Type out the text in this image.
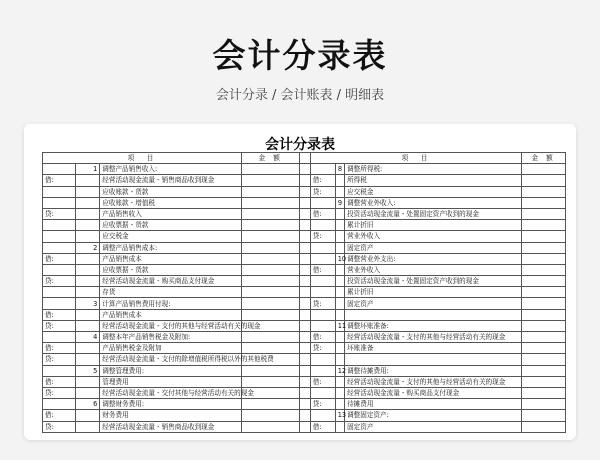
会计分录表
会计分录 / 会计账表 / 明细表
会计分录表
项　目			金 额		项　目			金 额
	1	调整产品销售收入:				8	调整所得税:	
借:		经营活动现金流量 - 销售商品收到现金			借:		所得税	
		应收账款 - 货款			贷:		应交税金	
		应收账款 - 增值税				9	调整营业外收入:	
贷:		产品销售收入			借:		投资活动现金流量 - 处置固定资产收到的现金	
		应收票据 - 货款					累计折旧	
		应交税金			贷:		营业外收入	
	2	调整产品销售成本:					固定资产	
借:		产品销售成本				10	调整营业外支出:	
		应收票据 - 货款			借:		营业外收入	
贷:		经营活动现金流量 - 购买商品支付现金					投资活动现金流量 - 处置固定资产收到的现金	
		存货					累计折旧	
	3	计算产品销售费用付现:			贷:		固定资产	
借:		产品销售成本						
贷:		经营活动现金流量 - 支付的其他与经营活动有关的现金				11	调整坏账准备:	
	4	调整本年产品销售税金及附加:			借:		经营活动现金流量 - 支付的其他与经营活动有关的现金	
借:		产品销售税金及附加			贷:		坏账准备	
贷:		经营活动现金流量 - 支付的除增值税所得税以外的其他税费						
	5	调整管理费用:				12	调整待摊费用:	
借:		管理费用			借:		经营活动现金流量 - 支付的其他与经营活动有关的现金	
贷:		经营活动现金流量 - 交付其他与经营活动有关的现金					经营活动现金流量 - 购买商品支付现金	
	6	调整财务费用:			贷:		待摊费用	
借:		财务费用				13	调整固定资产:	
贷:		经营活动现金流量 - 销售商品收到现金			借:		固定资产	
